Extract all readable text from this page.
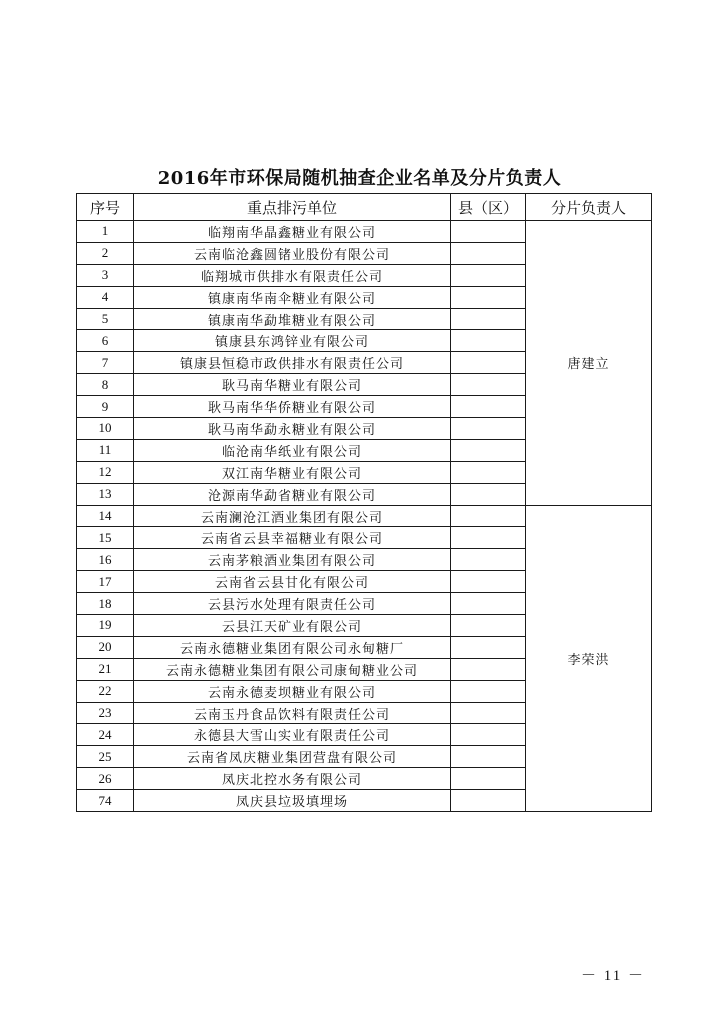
2016年市环保局随机抽查企业名单及分片负责人
序号	重点排污单位	县（区）	分片负责人
1	临翔南华晶鑫糖业有限公司		唐建立
2	云南临沧鑫圆锗业股份有限公司		
3	临翔城市供排水有限责任公司		
4	镇康南华南伞糖业有限公司		
5	镇康南华勐堆糖业有限公司		
6	镇康县东鸿锌业有限公司		
7	镇康县恒稳市政供排水有限责任公司		
8	耿马南华糖业有限公司		
9	耿马南华华侨糖业有限公司		
10	耿马南华勐永糖业有限公司		
11	临沧南华纸业有限公司		
12	双江南华糖业有限公司		
13	沧源南华勐省糖业有限公司		
14	云南澜沧江酒业集团有限公司		李荣洪
15	云南省云县幸福糖业有限公司		
16	云南茅粮酒业集团有限公司		
17	云南省云县甘化有限公司		
18	云县污水处理有限责任公司		
19	云县江天矿业有限公司		
20	云南永德糖业集团有限公司永甸糖厂		
21	云南永德糖业集团有限公司康甸糖业公司		
22	云南永德麦坝糖业有限公司		
23	云南玉丹食品饮料有限责任公司		
24	永德县大雪山实业有限责任公司		
25	云南省凤庆糖业集团营盘有限公司		
26	凤庆北控水务有限公司		
74	凤庆县垃圾填埋场		
－ 11 －
